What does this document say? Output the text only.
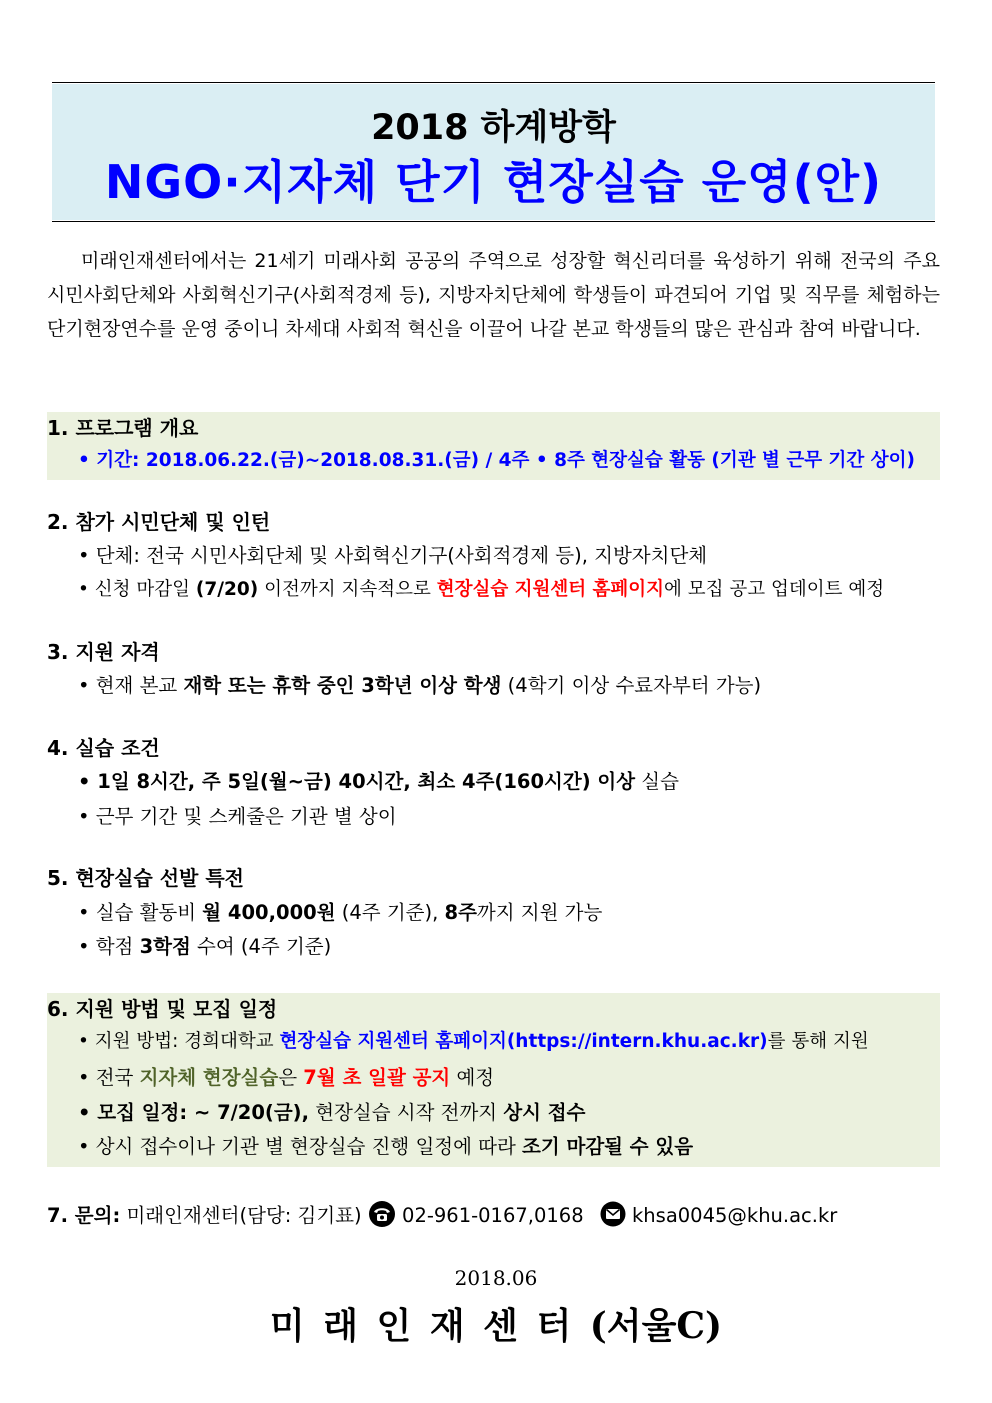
2018 하계방학
NGO·지자체 단기 현장실습 운영(안)
미래인재센터에서는 21세기 미래사회 공공의 주역으로 성장할 혁신리더를 육성하기 위해 전국의 주요 시민사회단체와 사회혁신기구(사회적경제 등), 지방자치단체에 학생들이 파견되어 기업 및 직무를 체험하는 단기현장연수를 운영 중이니 차세대 사회적 혁신을 이끌어 나갈 본교 학생들의 많은 관심과 참여 바랍니다.
1. 프로그램 개요
• 기간: 2018.06.22.(금)~2018.08.31.(금) / 4주 • 8주 현장실습 활동 (기관 별 근무 기간 상이)
2. 참가 시민단체 및 인턴
• 단체: 전국 시민사회단체 및 사회혁신기구(사회적경제 등), 지방자치단체
• 신청 마감일 (7/20) 이전까지 지속적으로 현장실습 지원센터 홈페이지에 모집 공고 업데이트 예정
3. 지원 자격
• 현재 본교 재학 또는 휴학 중인 3학년 이상 학생 (4학기 이상 수료자부터 가능)
4. 실습 조건
• 1일 8시간, 주 5일(월~금) 40시간, 최소 4주(160시간) 이상 실습
• 근무 기간 및 스케줄은 기관 별 상이
5. 현장실습 선발 특전
• 실습 활동비 월 400,000원 (4주 기준), 8주까지 지원 가능
• 학점 3학점 수여 (4주 기준)
6. 지원 방법 및 모집 일정
• 지원 방법: 경희대학교 현장실습 지원센터 홈페이지(https://intern.khu.ac.kr)를 통해 지원
• 전국 지자체 현장실습은 7월 초 일괄 공지 예정
• 모집 일정: ~ 7/20(금), 현장실습 시작 전까지 상시 접수
• 상시 접수이나 기관 별 현장실습 진행 일정에 따라 조기 마감될 수 있음
7. 문의: 미래인재센터(담당: 김기표)  02-961-0167,0168 khsa0045@khu.ac.kr
2018.06
미 래 인 재 센 터 (서울C)
